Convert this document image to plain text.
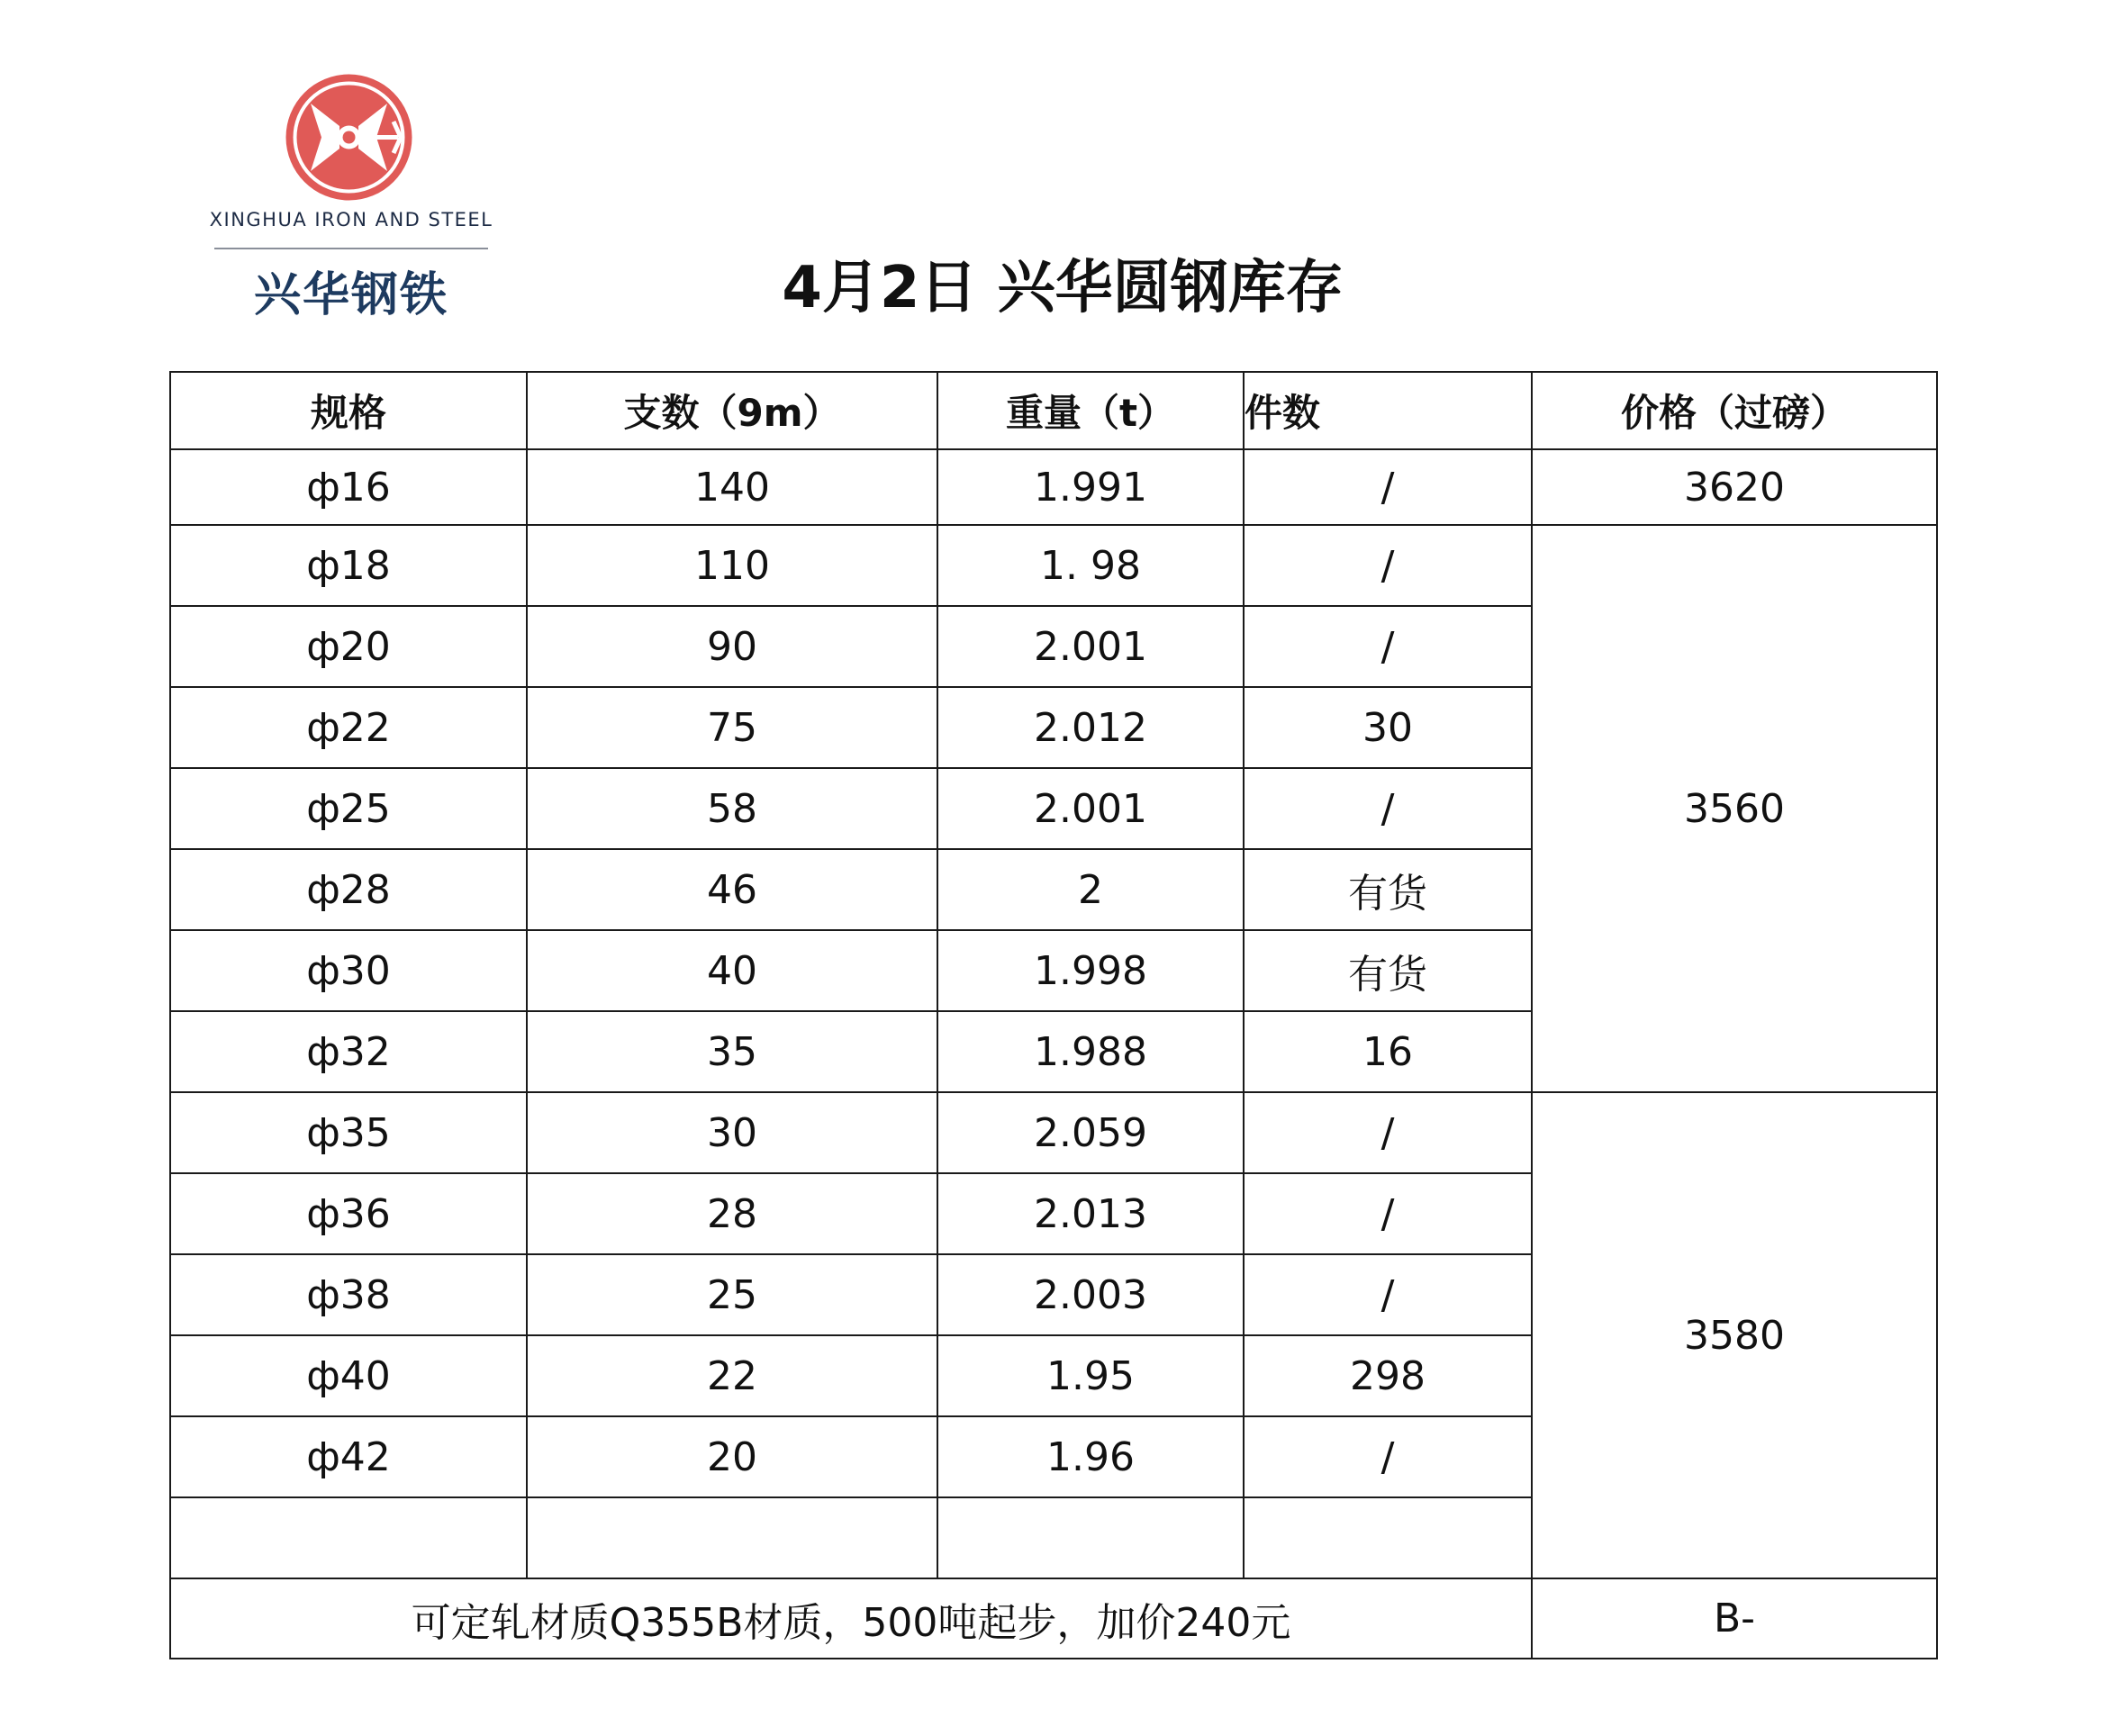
XINGHUA IRON AND STEEL
兴华钢铁	4月2日 兴华圆钢库存
规格	支数（9m）	重量（t）	件数	价格（过磅）
ф16	140	1.991	/	3620
ф18	110	1. 98	/	3560
ф20	90	2.001	/	
ф22	75	2.012	30	
ф25	58	2.001	/	
ф28	46	2	有货	
ф30	40	1.998	有货	
ф32	35	1.988	16	
ф35	30	2.059	/	3580
ф36	28	2.013	/	
ф38	25	2.003	/	
ф40	22	1.95	298	
ф42	20	1.96	/	

可定轧材质Q355B材质，500吨起步，加价240元				B-
